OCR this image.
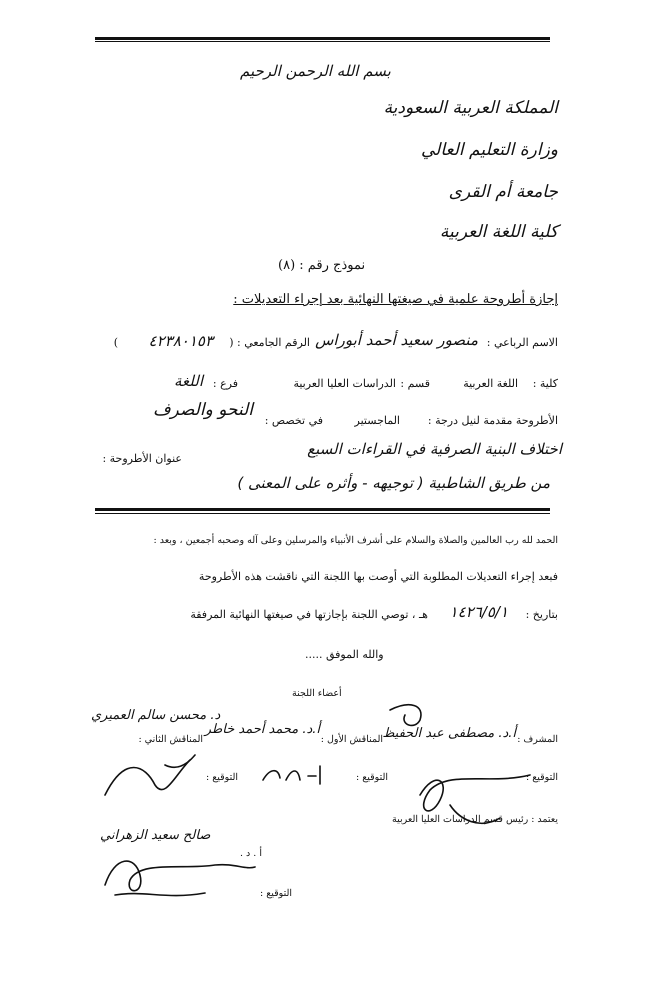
بسم الله الرحمن الرحيم
المملكة العربية السعودية
وزارة التعليم العالي
جامعة أم القرى
كلية اللغة العربية
نموذج رقم : (٨)
إجازة أطروحة علمية في صيغتها النهائية بعد إجراء التعديلات :
الاسم الرباعي :
منصور سعيد أحمد أبوراس
الرقم الجامعي : (
٤٢٣٨٠١٥٣
)
كلية :
اللغة العربية
قسم :
الدراسات العليا العربية
فرع :
اللغة
الأطروحة مقدمة لنيل درجة :
الماجستير
في تخصص :
النحو والصرف
عنوان الأطروحة :
اختلاف البنية الصرفية في القراءات السبع
من طريق الشاطبية ( توجيهه - وأثره على المعنى )
الحمد لله رب العالمين والصلاة والسلام على أشرف الأنبياء والمرسلين وعلى آله وصحبه أجمعين ، وبعد :
فبعد إجراء التعديلات المطلوبة التي أوصت بها اللجنة التي ناقشت هذه الأطروحة
بتاريخ :
١٤٢٦/٥/١
هـ ، توصي اللجنة بإجازتها في صيغتها النهائية المرفقة
والله الموفق .....
أعضاء اللجنة
المشرف :
أ.د. مصطفى عبد الحفيظ
المناقش الأول :
أ.د. محمد أحمد خاطر
المناقش الثاني :
د. محسن سالم العميري
التوقيع :
التوقيع :
التوقيع :
يعتمد : رئيس قسم الدراسات العليا العربية
أ . د .
صالح سعيد الزهراني
التوقيع :
